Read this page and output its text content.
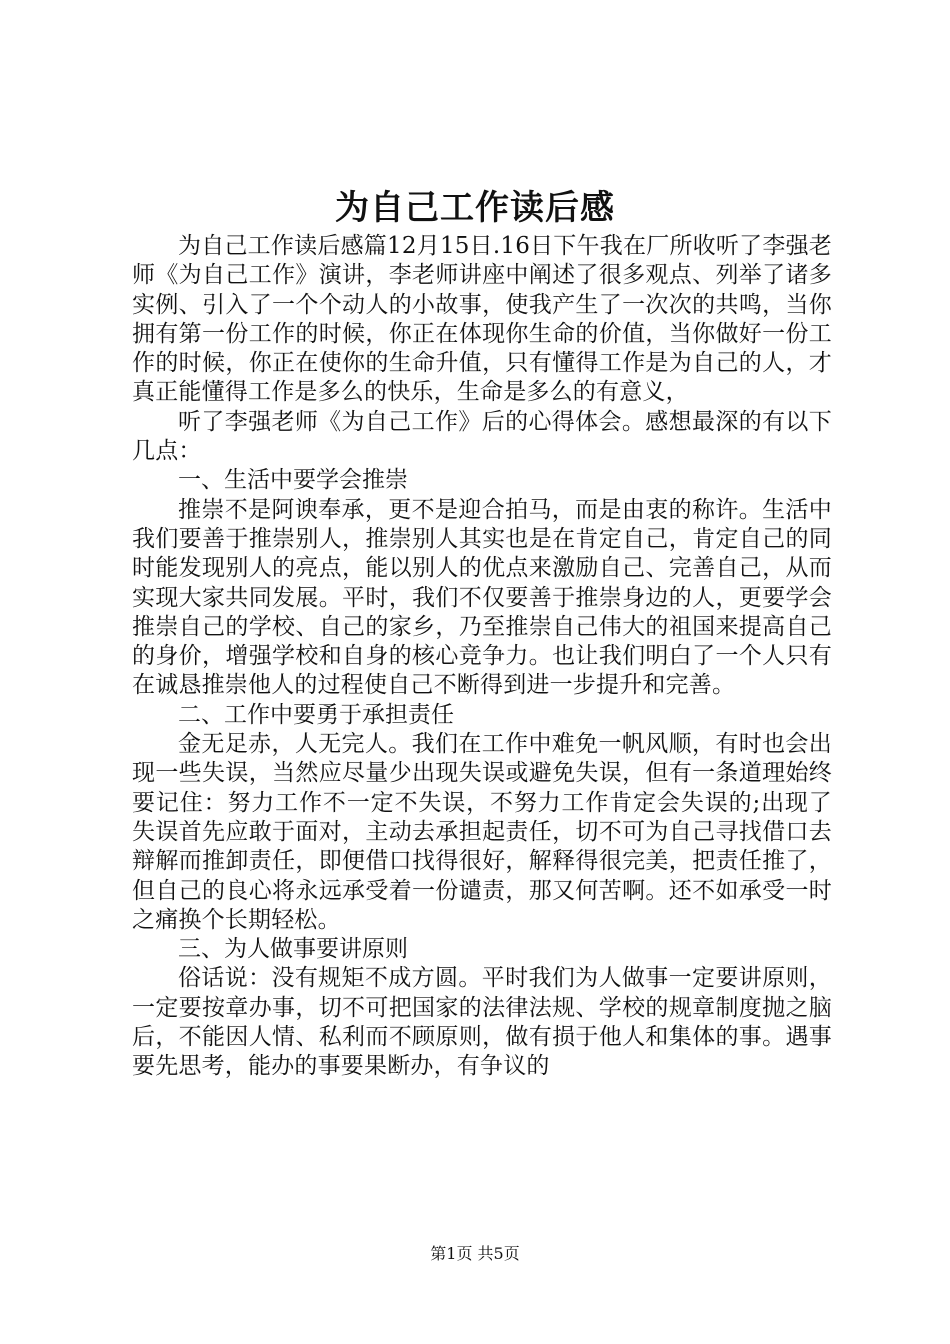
为自己工作读后感

为自己工作读后感篇12月15日.16日下午我在厂所收听了李强老师《为自己工作》演讲，李老师讲座中阐述了很多观点、列举了诸多实例、引入了一个个动人的小故事，使我产生了一次次的共鸣，当你拥有第一份工作的时候，你正在体现你生命的价值，当你做好一份工作的时候，你正在使你的生命升值，只有懂得工作是为自己的人，才真正能懂得工作是多么的快乐，生命是多么的有意义，

听了李强老师《为自己工作》后的心得体会。感想最深的有以下几点：

一、生活中要学会推崇

推崇不是阿谀奉承，更不是迎合拍马，而是由衷的称许。生活中我们要善于推崇别人，推崇别人其实也是在肯定自己，肯定自己的同时能发现别人的亮点，能以别人的优点来激励自己、完善自己，从而实现大家共同发展。平时，我们不仅要善于推崇身边的人，更要学会推崇自己的学校、自己的家乡，乃至推崇自己伟大的祖国来提高自己的身价，增强学校和自身的核心竞争力。也让我们明白了一个人只有在诚恳推崇他人的过程使自己不断得到进一步提升和完善。

二、工作中要勇于承担责任

金无足赤，人无完人。我们在工作中难免一帆风顺，有时也会出现一些失误，当然应尽量少出现失误或避免失误，但有一条道理始终要记住：努力工作不一定不失误，不努力工作肯定会失误的;出现了失误首先应敢于面对，主动去承担起责任，切不可为自己寻找借口去辩解而推卸责任，即便借口找得很好，解释得很完美，把责任推了，但自己的良心将永远承受着一份谴责，那又何苦啊。还不如承受一时之痛换个长期轻松。

三、为人做事要讲原则

俗话说：没有规矩不成方圆。平时我们为人做事一定要讲原则，一定要按章办事，切不可把国家的法律法规、学校的规章制度抛之脑后，不能因人情、私利而不顾原则，做有损于他人和集体的事。遇事要先思考，能办的事要果断办，有争议的

第1页 共5页
